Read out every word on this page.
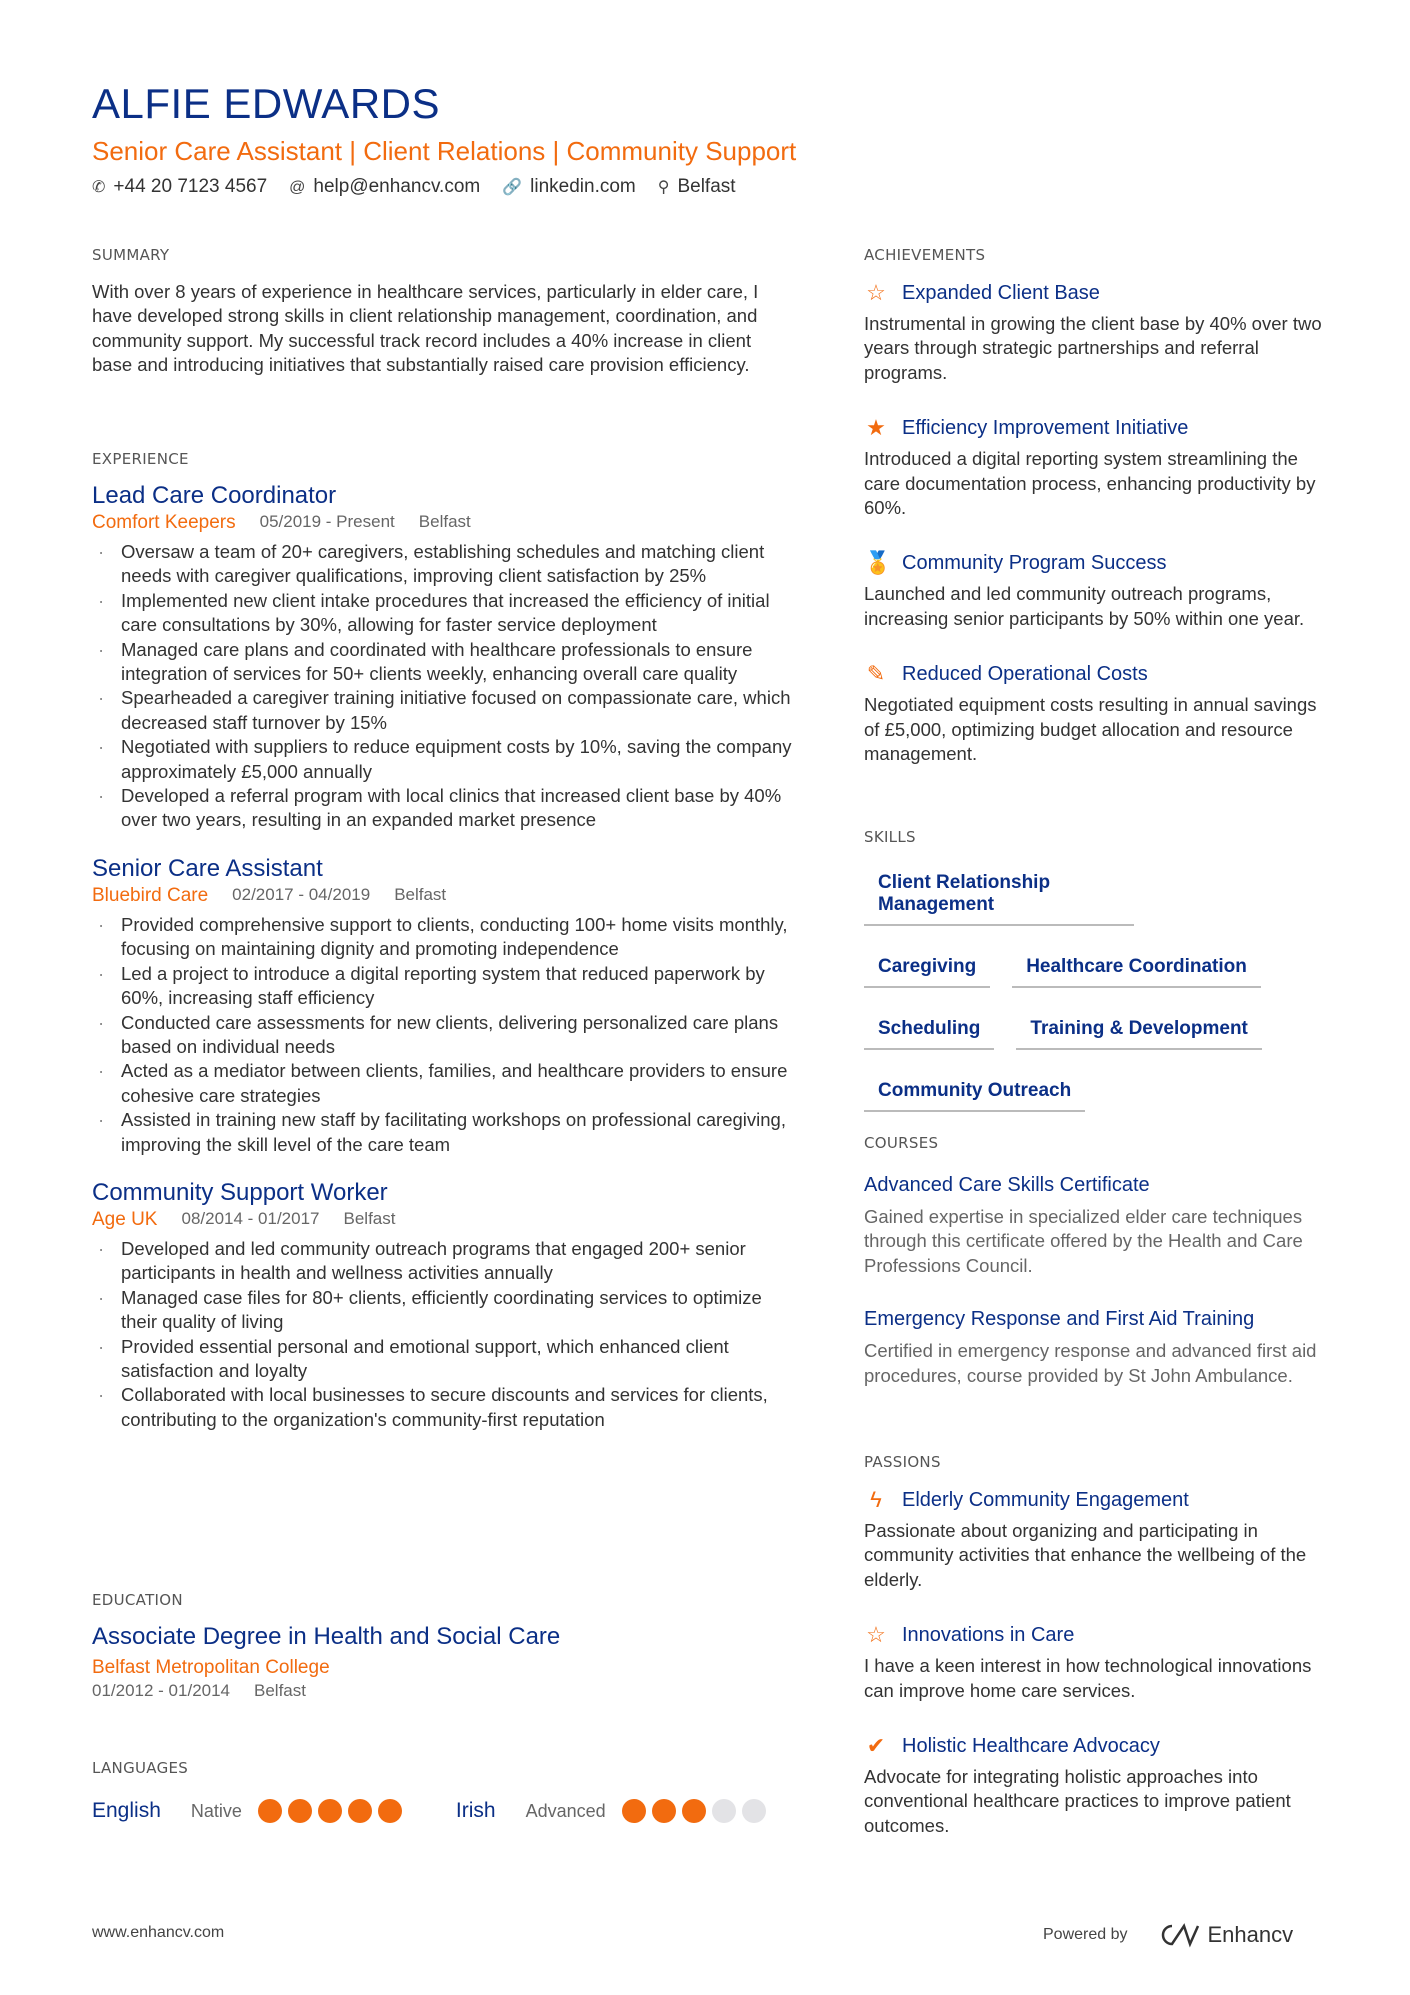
ALFIE EDWARDS
Senior Care Assistant | Client Relations | Community Support
✆ +44 20 7123 4567 @ help@enhancv.com 🔗 linkedin.com ⚲ Belfast
SUMMARY
With over 8 years of experience in healthcare services, particularly in elder care, I have developed strong skills in client relationship management, coordination, and community support. My successful track record includes a 40% increase in client base and introducing initiatives that substantially raised care provision efficiency.
EXPERIENCE
Lead Care Coordinator
Comfort Keepers 05/2019 - Present Belfast
· Oversaw a team of 20+ caregivers, establishing schedules and matching client needs with caregiver qualifications, improving client satisfaction by 25%
· Implemented new client intake procedures that increased the efficiency of initial care consultations by 30%, allowing for faster service deployment
· Managed care plans and coordinated with healthcare professionals to ensure integration of services for 50+ clients weekly, enhancing overall care quality
· Spearheaded a caregiver training initiative focused on compassionate care, which decreased staff turnover by 15%
· Negotiated with suppliers to reduce equipment costs by 10%, saving the company approximately £5,000 annually
· Developed a referral program with local clinics that increased client base by 40% over two years, resulting in an expanded market presence
Senior Care Assistant
Bluebird Care 02/2017 - 04/2019 Belfast
· Provided comprehensive support to clients, conducting 100+ home visits monthly, focusing on maintaining dignity and promoting independence
· Led a project to introduce a digital reporting system that reduced paperwork by 60%, increasing staff efficiency
· Conducted care assessments for new clients, delivering personalized care plans based on individual needs
· Acted as a mediator between clients, families, and healthcare providers to ensure cohesive care strategies
· Assisted in training new staff by facilitating workshops on professional caregiving, improving the skill level of the care team
Community Support Worker
Age UK 08/2014 - 01/2017 Belfast
· Developed and led community outreach programs that engaged 200+ senior participants in health and wellness activities annually
· Managed case files for 80+ clients, efficiently coordinating services to optimize their quality of living
· Provided essential personal and emotional support, which enhanced client satisfaction and loyalty
· Collaborated with local businesses to secure discounts and services for clients, contributing to the organization's community-first reputation
EDUCATION
Associate Degree in Health and Social Care
Belfast Metropolitan College
01/2012 - 01/2014 Belfast
LANGUAGES
English Native	Irish Advanced
ACHIEVEMENTS
☆ Expanded Client Base
Instrumental in growing the client base by 40% over two years through strategic partnerships and referral programs.
★ Efficiency Improvement Initiative
Introduced a digital reporting system streamlining the care documentation process, enhancing productivity by 60%.
🏅 Community Program Success
Launched and led community outreach programs, increasing senior participants by 50% within one year.
✎ Reduced Operational Costs
Negotiated equipment costs resulting in annual savings of £5,000, optimizing budget allocation and resource management.
SKILLS
Client Relationship Management
Caregiving	Healthcare Coordination
Scheduling	Training & Development
Community Outreach
COURSES
Advanced Care Skills Certificate
Gained expertise in specialized elder care techniques through this certificate offered by the Health and Care Professions Council.
Emergency Response and First Aid Training
Certified in emergency response and advanced first aid procedures, course provided by St John Ambulance.
PASSIONS
ϟ	Elderly Community Engagement
Passionate about organizing and participating in community activities that enhance the wellbeing of the elderly.
☆ Innovations in Care
I have a keen interest in how technological innovations can improve home care services.
✔ Holistic Healthcare Advocacy
Advocate for integrating holistic approaches into conventional healthcare practices to improve patient outcomes.
www.enhancv.com	Powered by	Enhancv
